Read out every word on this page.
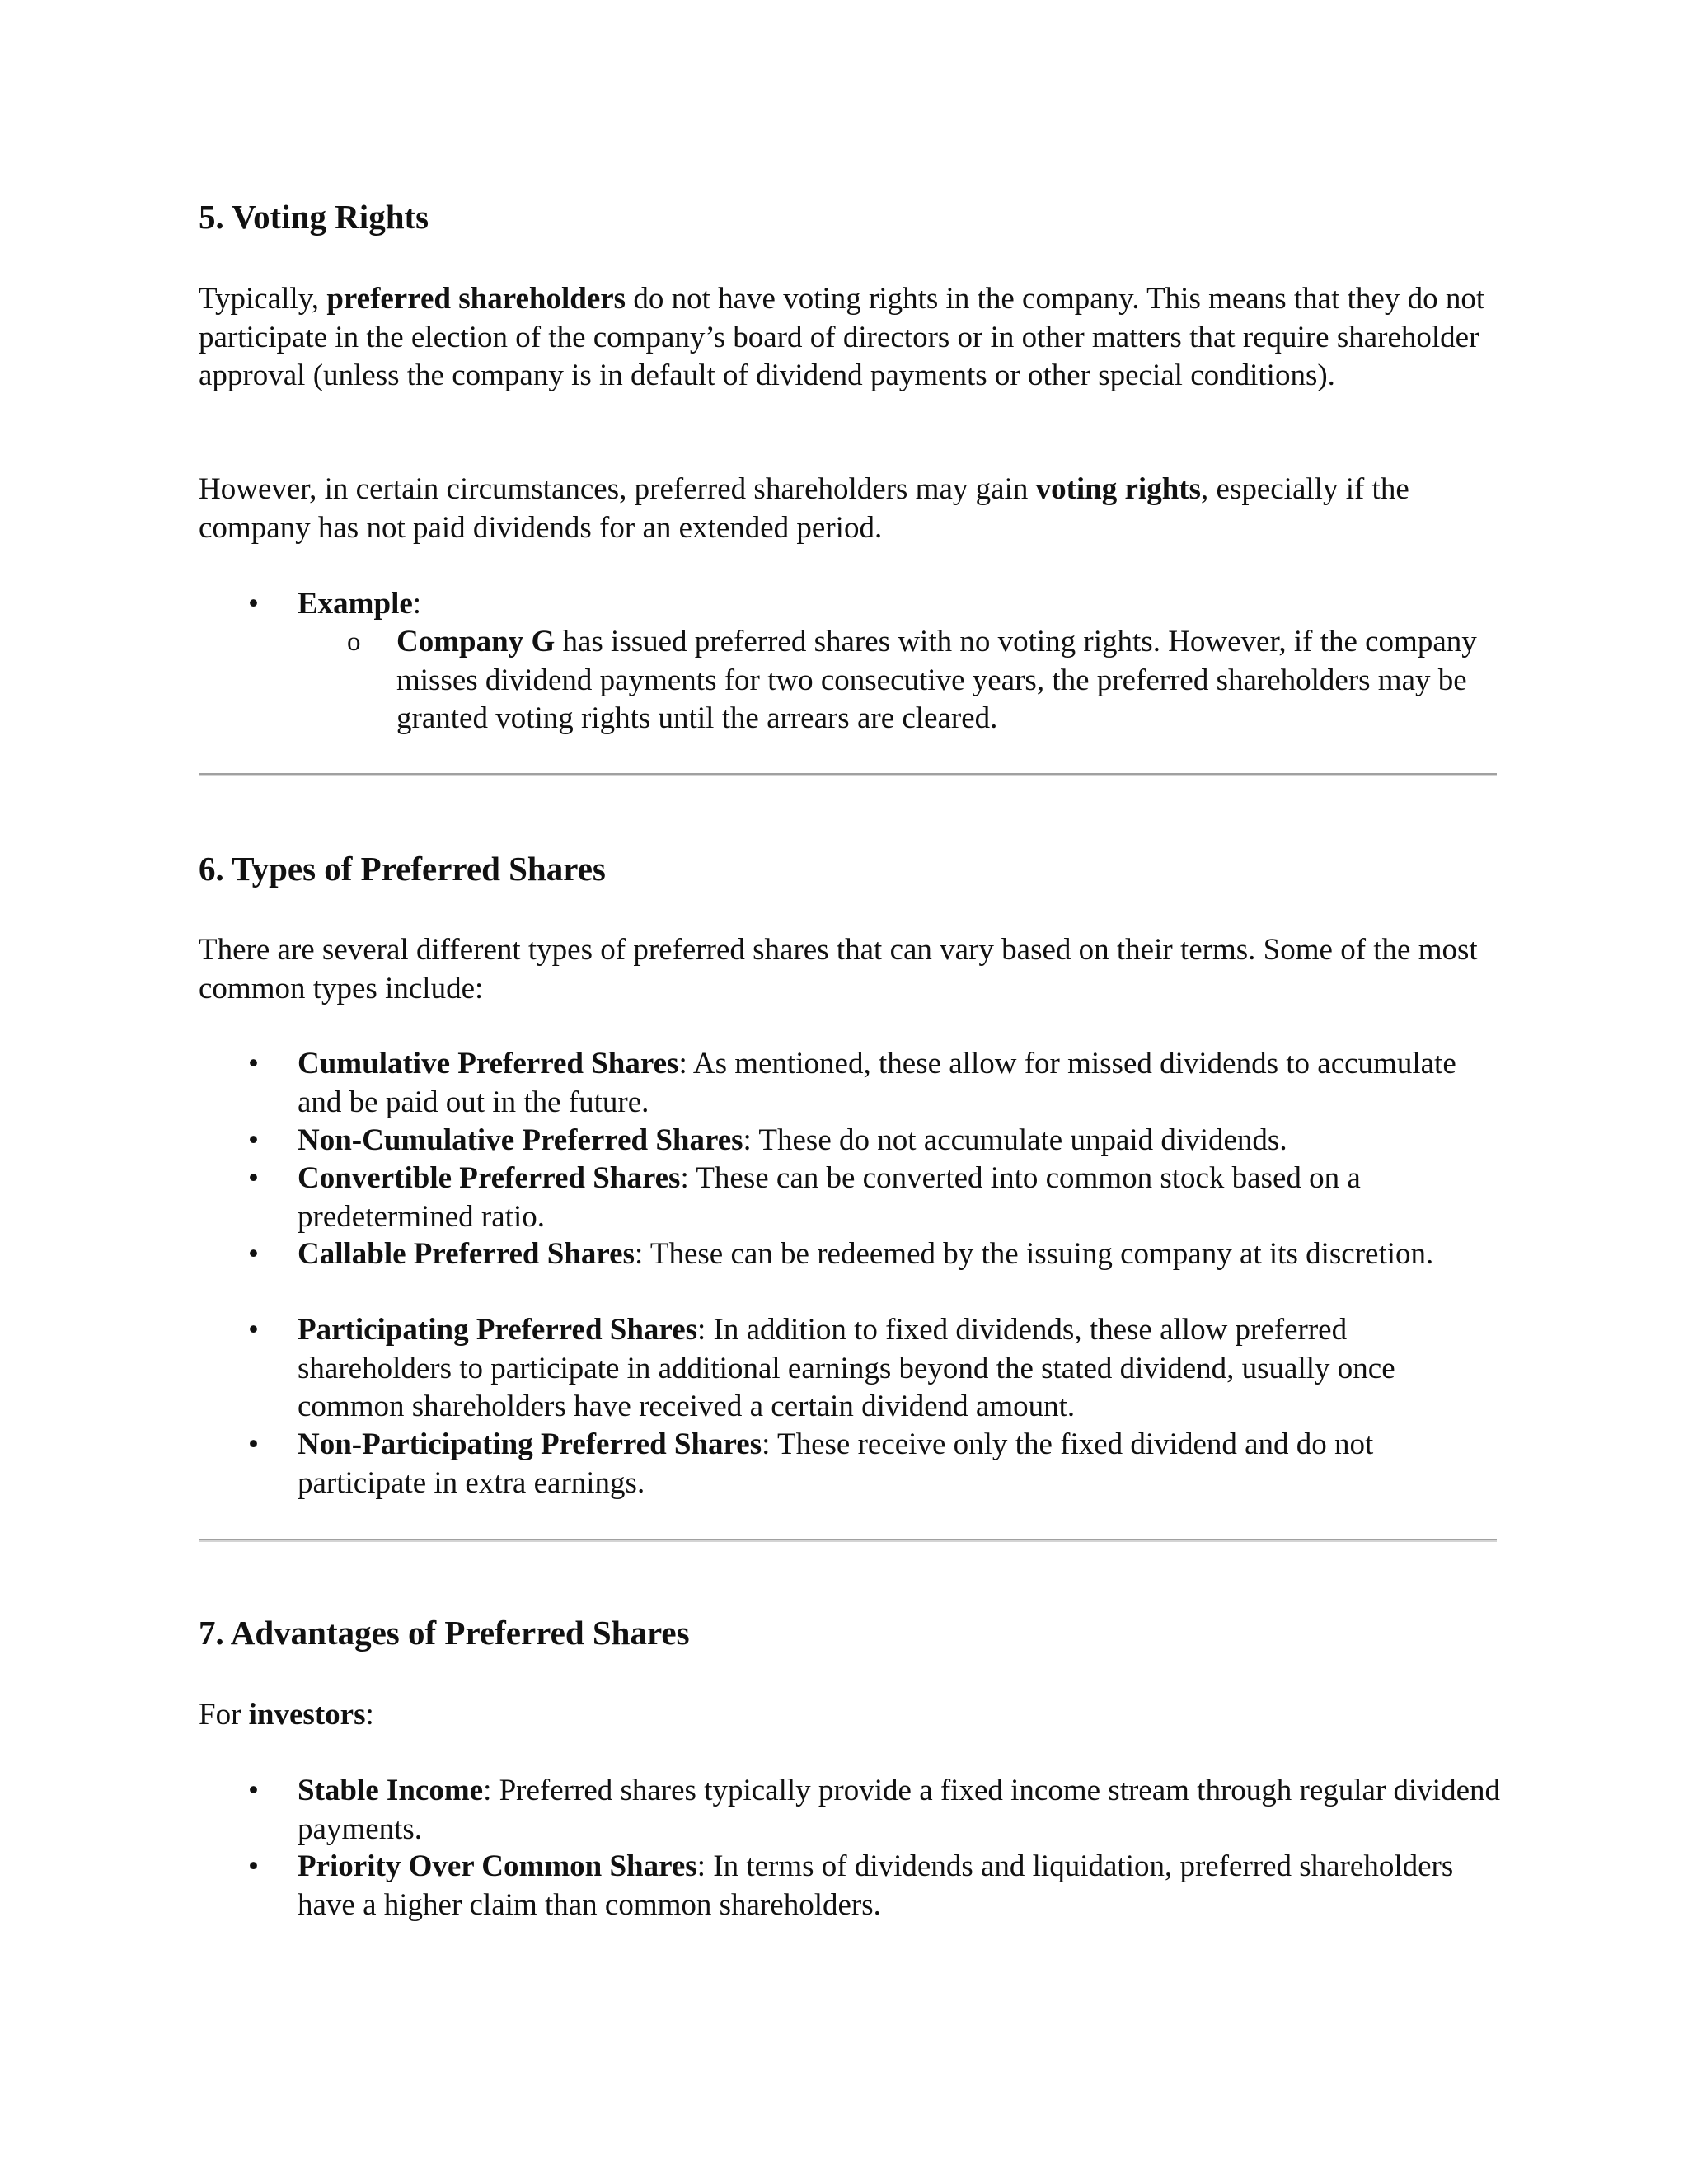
5. Voting Rights

Typically, preferred shareholders do not have voting rights in the company. This means that they do not participate in the election of the company’s board of directors or in other matters that require shareholder approval (unless the company is in default of dividend payments or other special conditions).

However, in certain circumstances, preferred shareholders may gain voting rights, especially if the company has not paid dividends for an extended period.

• Example:
o Company G has issued preferred shares with no voting rights. However, if the company misses dividend payments for two consecutive years, the preferred shareholders may be granted voting rights until the arrears are cleared.
6. Types of Preferred Shares

There are several different types of preferred shares that can vary based on their terms. Some of the most common types include:

• Cumulative Preferred Shares: As mentioned, these allow for missed dividends to accumulate and be paid out in the future.
• Non-Cumulative Preferred Shares: These do not accumulate unpaid dividends.
• Convertible Preferred Shares: These can be converted into common stock based on a predetermined ratio.
• Callable Preferred Shares: These can be redeemed by the issuing company at its discretion.
• Participating Preferred Shares: In addition to fixed dividends, these allow preferred shareholders to participate in additional earnings beyond the stated dividend, usually once common shareholders have received a certain dividend amount.
• Non-Participating Preferred Shares: These receive only the fixed dividend and do not participate in extra earnings.
7. Advantages of Preferred Shares

For investors:

• Stable Income: Preferred shares typically provide a fixed income stream through regular dividend payments.
• Priority Over Common Shares: In terms of dividends and liquidation, preferred shareholders have a higher claim than common shareholders.
